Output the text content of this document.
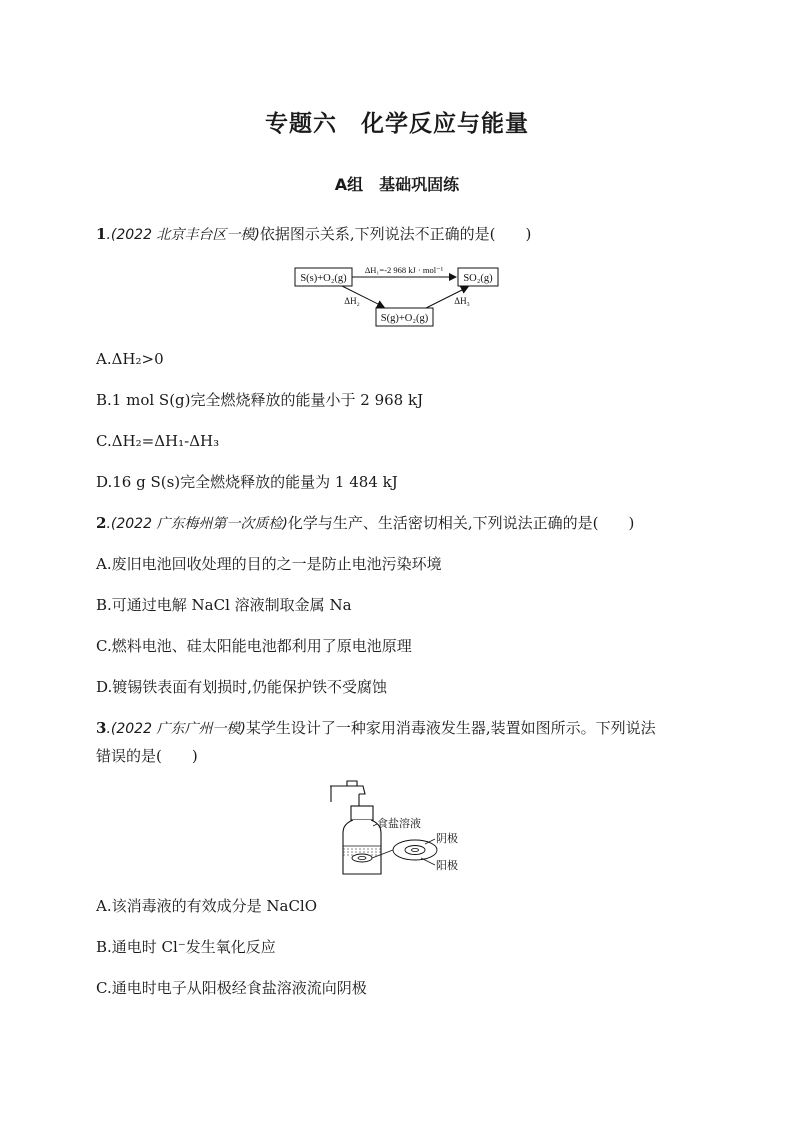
专题六　化学反应与能量
A组　基础巩固练
1.(2022 北京丰台区一模)依据图示关系,下列说法不正确的是(　　)
S(s)+O₂(g)	SO₂(g)
S(g)+O₂(g)
ΔH₁=-2 968 kJ · mol⁻¹
ΔH₂	ΔH₃
A.ΔH₂>0
B.1 mol S(g)完全燃烧释放的能量小于 2 968 kJ
C.ΔH₂=ΔH₁-ΔH₃
D.16 g S(s)完全燃烧释放的能量为 1 484 kJ
2.(2022 广东梅州第一次质检)化学与生产、生活密切相关,下列说法正确的是(　　)
A.废旧电池回收处理的目的之一是防止电池污染环境
B.可通过电解 NaCl 溶液制取金属 Na
C.燃料电池、硅太阳能电池都利用了原电池原理
D.镀锡铁表面有划损时,仍能保护铁不受腐蚀
3.(2022 广东广州一模)某学生设计了一种家用消毒液发生器,装置如图所示。下列说法
错误的是(　　)
食盐溶液
阴极
阳极
A.该消毒液的有效成分是 NaClO
B.通电时 Cl⁻发生氧化反应
C.通电时电子从阳极经食盐溶液流向阴极
